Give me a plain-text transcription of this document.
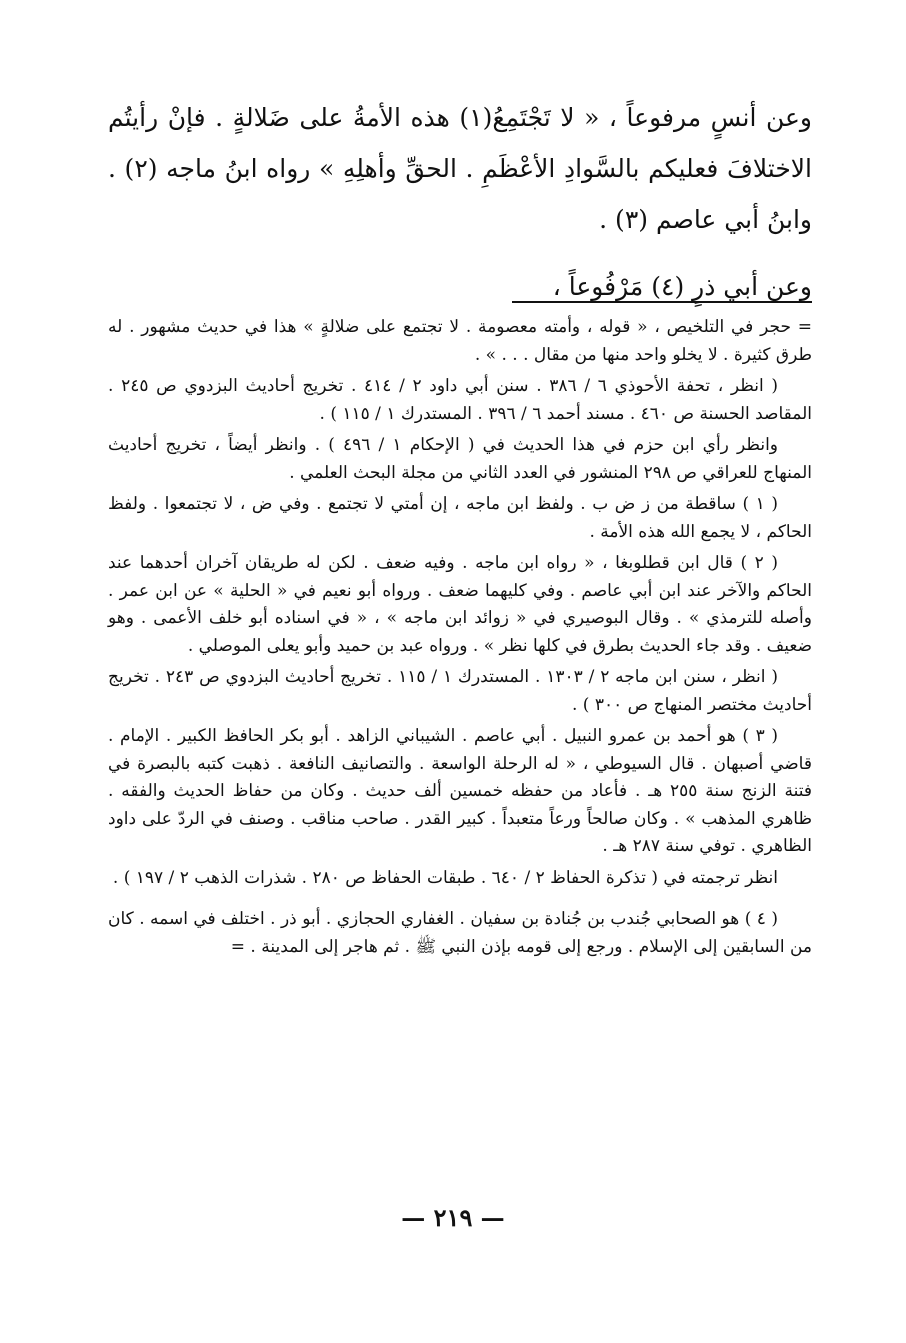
وعن أنسٍ مرفوعاً ، « لا تَجْتَمِعُ(١) هذه الأمةُ على ضَلالةٍ . فإنْ رأيتُم الاختلافَ فعليكم بالسَّوادِ الأعْظَمِ . الحقِّ وأهلِهِ » رواه ابنُ ماجه (٢) . وابنُ أبي عاصم (٣) .

وعن أبي ذرٍ (٤) مَرْفُوعاً ،

= حجر في التلخيص ، « قوله ، وأمته معصومة . لا تجتمع على ضلالةٍ » هذا في حديث مشهور . له طرق كثيرة . لا يخلو واحد منها من مقال . . . » .

( انظر ، تحفة الأحوذي ٦ / ٣٨٦ . سنن أبي داود ٢ / ٤١٤ . تخريج أحاديث البزدوي ص ٢٤٥ . المقاصد الحسنة ص ٤٦٠ . مسند أحمد ٦ / ٣٩٦ . المستدرك ١ / ١١٥ ) .

وانظر رأي ابن حزم في هذا الحديث في ( الإحكام ١ / ٤٩٦ ) . وانظر أيضاً ، تخريج أحاديث المنهاج للعراقي ص ٢٩٨ المنشور في العدد الثاني من مجلة البحث العلمي .

( ١ ) ساقطة من ز ض ب . ولفظ ابن ماجه ، إن أمتي لا تجتمع . وفي ض ، لا تجتمعوا . ولفظ الحاكم ، لا يجمع الله هذه الأمة .

( ٢ ) قال ابن قطلوبغا ، « رواه ابن ماجه . وفيه ضعف . لكن له طريقان آخران أحدهما عند الحاكم والآخر عند ابن أبي عاصم . وفي كليهما ضعف . ورواه أبو نعيم في « الحلية » عن ابن عمر . وأصله للترمذي » . وقال البوصيري في « زوائد ابن ماجه » ، « في اسناده أبو خلف الأعمى . وهو ضعيف . وقد جاء الحديث بطرق في كلها نظر » . ورواه عبد بن حميد وأبو يعلى الموصلي .

( انظر ، سنن ابن ماجه ٢ / ١٣٠٣ . المستدرك ١ / ١١٥ . تخريج أحاديث البزدوي ص ٢٤٣ . تخريج أحاديث مختصر المنهاج ص ٣٠٠ ) .

( ٣ ) هو أحمد بن عمرو النبيل . أبي عاصم . الشيباني الزاهد . أبو بكر الحافظ الكبير . الإمام . قاضي أصبهان . قال السيوطي ، « له الرحلة الواسعة . والتصانيف النافعة . ذهبت كتبه بالبصرة في فتنة الزنج سنة ٢٥٥ هـ . فأعاد من حفظه خمسين ألف حديث . وكان من حفاظ الحديث والفقه . ظاهري المذهب » . وكان صالحاً ورعاً متعبداً . كبير القدر . صاحب مناقب . وصنف في الردّ على داود الظاهري . توفي سنة ٢٨٧ هـ .

انظر ترجمته في ( تذكرة الحفاظ ٢ / ٦٤٠ . طبقات الحفاظ ص ٢٨٠ . شذرات الذهب ٢ / ١٩٧ ) .

( ٤ ) هو الصحابي جُندب بن جُنادة بن سفيان . الغفاري الحجازي . أبو ذر . اختلف في اسمه . كان من السابقين إلى الإسلام . ورجع إلى قومه بإذن النبي ﷺ . ثم هاجر إلى المدينة . =

— ٢١٩ —
